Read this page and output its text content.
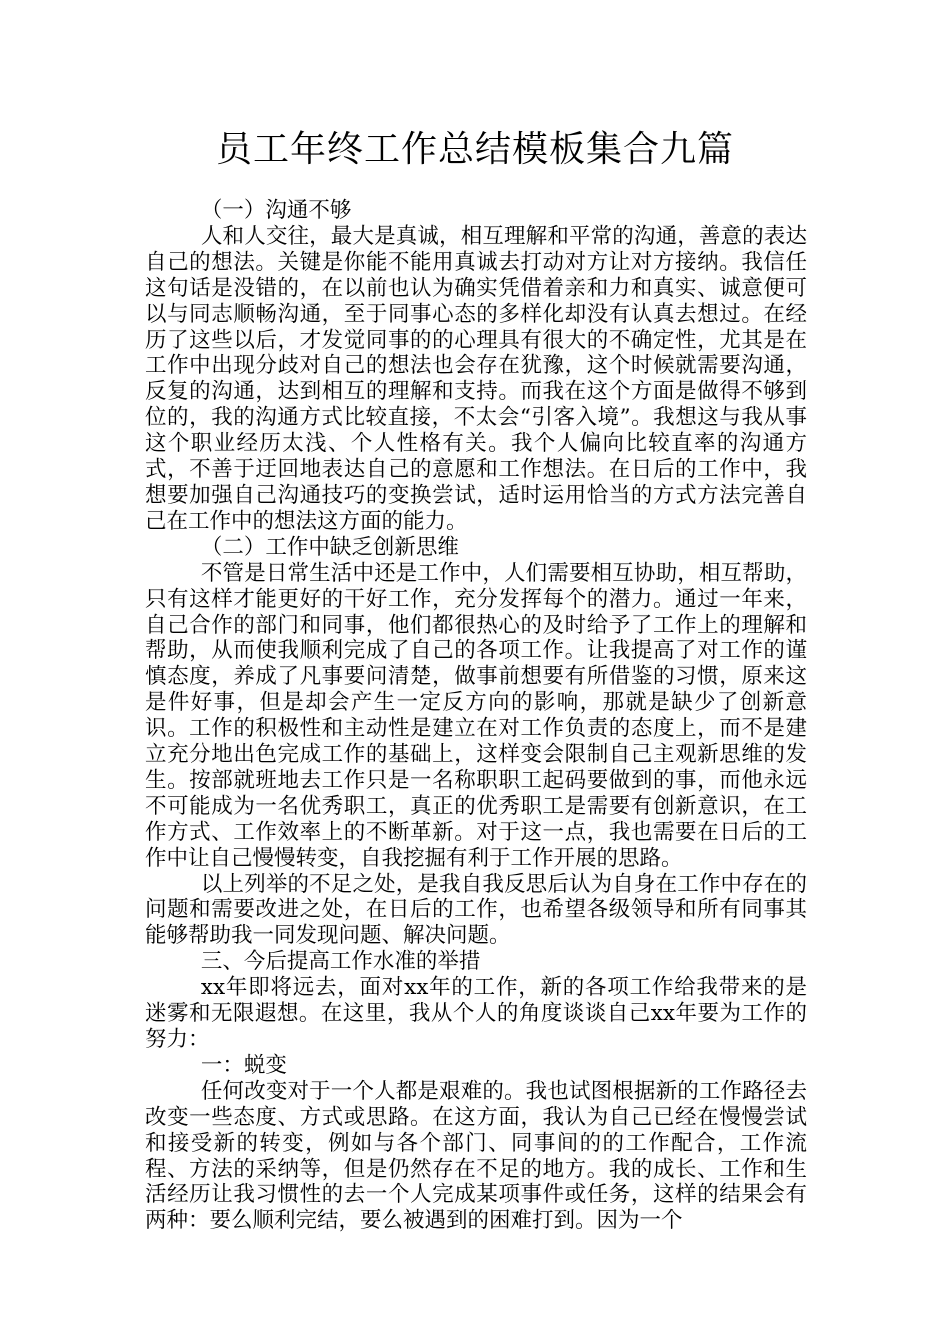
员工年终工作总结模板集合九篇

（一）沟通不够

人和人交往，最大是真诚，相互理解和平常的沟通，善意的表达自己的想法。关键是你能不能用真诚去打动对方让对方接纳。我信任这句话是没错的，在以前也认为确实凭借着亲和力和真实、诚意便可以与同志顺畅沟通，至于同事心态的多样化却没有认真去想过。在经历了这些以后，才发觉同事的的心理具有很大的不确定性，尤其是在工作中出现分歧对自己的想法也会存在犹豫，这个时候就需要沟通，反复的沟通，达到相互的理解和支持。而我在这个方面是做得不够到位的，我的沟通方式比较直接，不太会“引客入境”。我想这与我从事这个职业经历太浅、个人性格有关。我个人偏向比较直率的沟通方式，不善于迂回地表达自己的意愿和工作想法。在日后的工作中，我想要加强自己沟通技巧的变换尝试，适时运用恰当的方式方法完善自己在工作中的想法这方面的能力。

（二）工作中缺乏创新思维

不管是日常生活中还是工作中，人们需要相互协助，相互帮助，只有这样才能更好的干好工作，充分发挥每个的潜力。通过一年来，自己合作的部门和同事，他们都很热心的及时给予了工作上的理解和帮助，从而使我顺利完成了自己的各项工作。让我提高了对工作的谨慎态度，养成了凡事要问清楚，做事前想要有所借鉴的习惯，原来这是件好事，但是却会产生一定反方向的影响，那就是缺少了创新意识。工作的积极性和主动性是建立在对工作负责的态度上，而不是建立充分地出色完成工作的基础上，这样变会限制自己主观新思维的发生。按部就班地去工作只是一名称职职工起码要做到的事，而他永远不可能成为一名优秀职工，真正的优秀职工是需要有创新意识，在工作方式、工作效率上的不断革新。对于这一点，我也需要在日后的工作中让自己慢慢转变，自我挖掘有利于工作开展的思路。

以上列举的不足之处，是我自我反思后认为自身在工作中存在的问题和需要改进之处，在日后的工作，也希望各级领导和所有同事其能够帮助我一同发现问题、解决问题。

三、今后提高工作水准的举措

xx年即将远去，面对xx年的工作，新的各项工作给我带来的是迷雾和无限遐想。在这里，我从个人的角度谈谈自己xx年要为工作的努力：

一：蜕变

任何改变对于一个人都是艰难的。我也试图根据新的工作路径去改变一些态度、方式或思路。在这方面，我认为自己已经在慢慢尝试和接受新的转变，例如与各个部门、同事间的的工作配合，工作流程、方法的采纳等，但是仍然存在不足的地方。我的成长、工作和生活经历让我习惯性的去一个人完成某项事件或任务，这样的结果会有两种：要么顺利完结，要么被遇到的困难打到。因为一个
